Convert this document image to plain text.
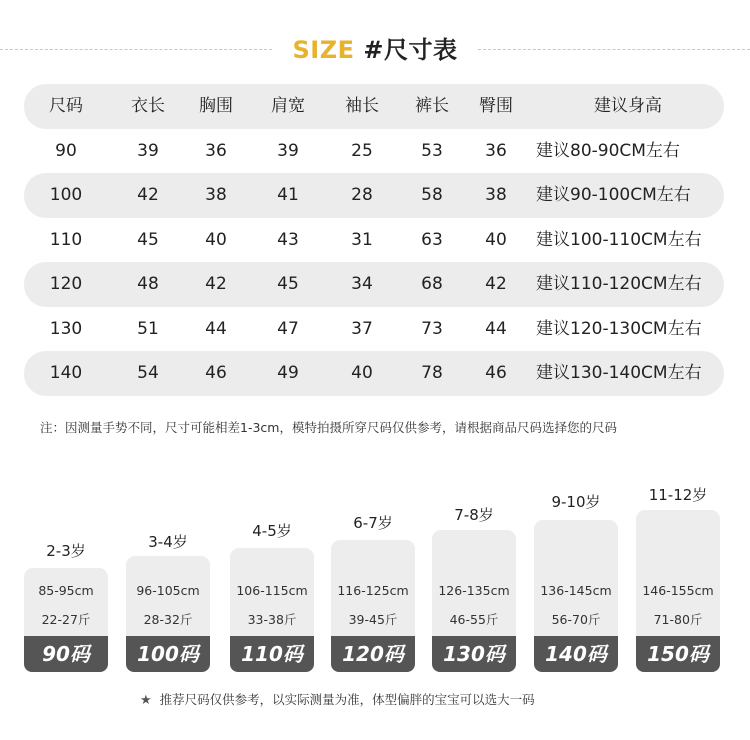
SIZE #尺寸表
尺码	衣长	胸围	肩宽	袖长	裤长	臀围	建议身高
90	39	36	39	25	53	36	建议80-90CM左右
100	42	38	41	28	58	38	建议90-100CM左右
110	45	40	43	31	63	40	建议100-110CM左右
120	48	42	45	34	68	42	建议110-120CM左右
130	51	44	47	37	73	44	建议120-130CM左右
140	54	46	49	40	78	46	建议130-140CM左右
注：因测量手势不同，尺寸可能相差1-3cm，模特拍摄所穿尺码仅供参考，请根据商品尺码选择您的尺码
2-3岁
85-95cm
22-27斤
90码
3-4岁
96-105cm
28-32斤
100码
4-5岁
106-115cm
33-38斤
110码
6-7岁
116-125cm
39-45斤
120码
7-8岁
126-135cm
46-55斤
130码
9-10岁
136-145cm
56-70斤
140码
11-12岁
146-155cm
71-80斤
150码
★ 推荐尺码仅供参考，以实际测量为准，体型偏胖的宝宝可以选大一码
